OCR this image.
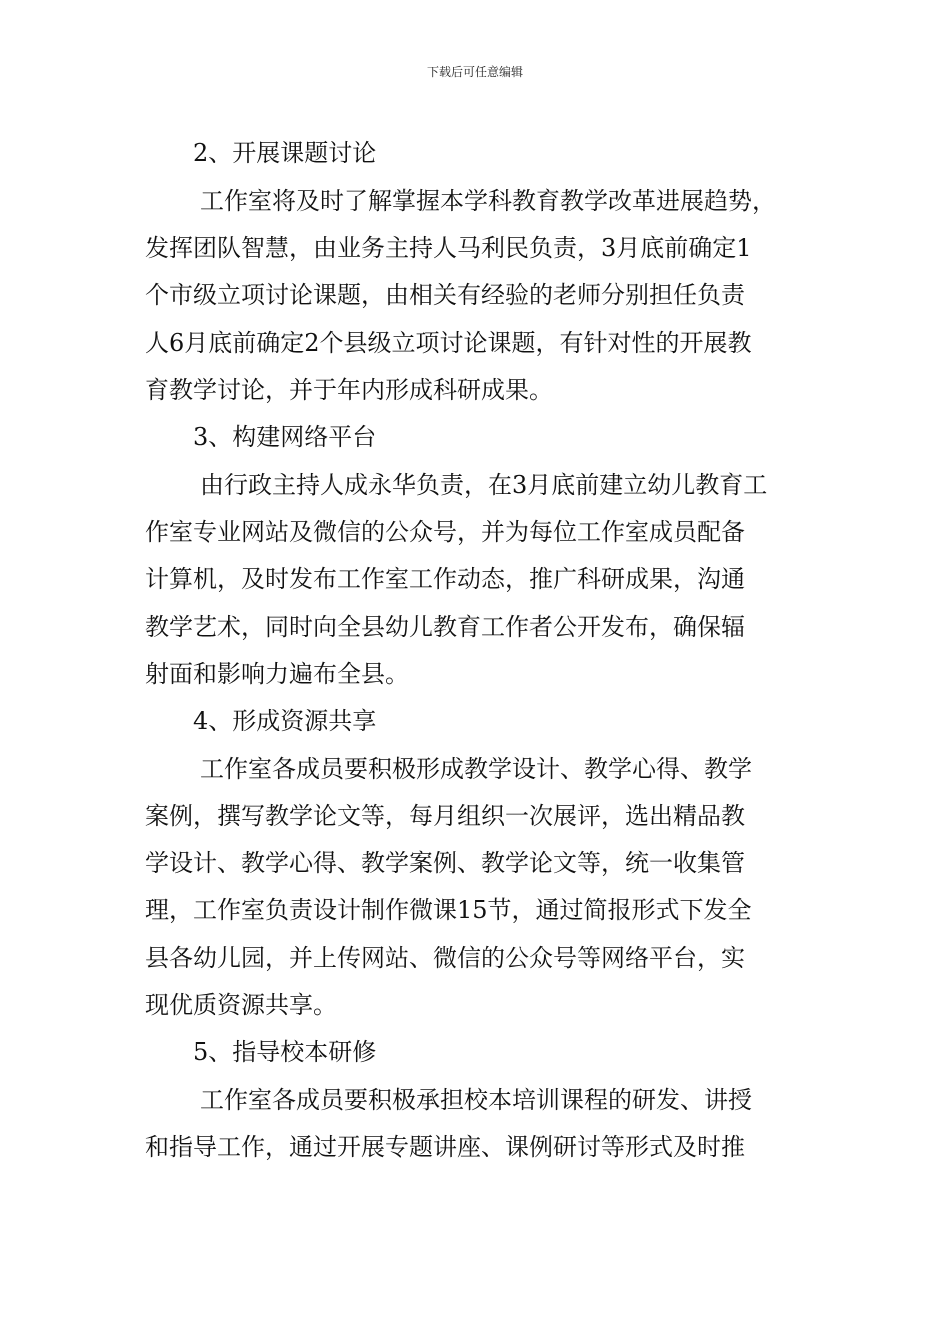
下载后可任意编辑
2、开展课题讨论

工作室将及时了解掌握本学科教育教学改革进展趋势，
发挥团队智慧，由业务主持人马利民负责，3月底前确定1
个市级立项讨论课题，由相关有经验的老师分别担任负责
人6月底前确定2个县级立项讨论课题，有针对性的开展教
育教学讨论，并于年内形成科研成果。

3、构建网络平台

由行政主持人成永华负责，在3月底前建立幼儿教育工
作室专业网站及微信的公众号，并为每位工作室成员配备
计算机，及时发布工作室工作动态，推广科研成果，沟通
教学艺术，同时向全县幼儿教育工作者公开发布，确保辐
射面和影响力遍布全县。

4、形成资源共享

工作室各成员要积极形成教学设计、教学心得、教学
案例，撰写教学论文等，每月组织一次展评，选出精品教
学设计、教学心得、教学案例、教学论文等，统一收集管
理，工作室负责设计制作微课15节，通过简报形式下发全
县各幼儿园，并上传网站、微信的公众号等网络平台，实
现优质资源共享。

5、指导校本研修

工作室各成员要积极承担校本培训课程的研发、讲授
和指导工作，通过开展专题讲座、课例研讨等形式及时推
